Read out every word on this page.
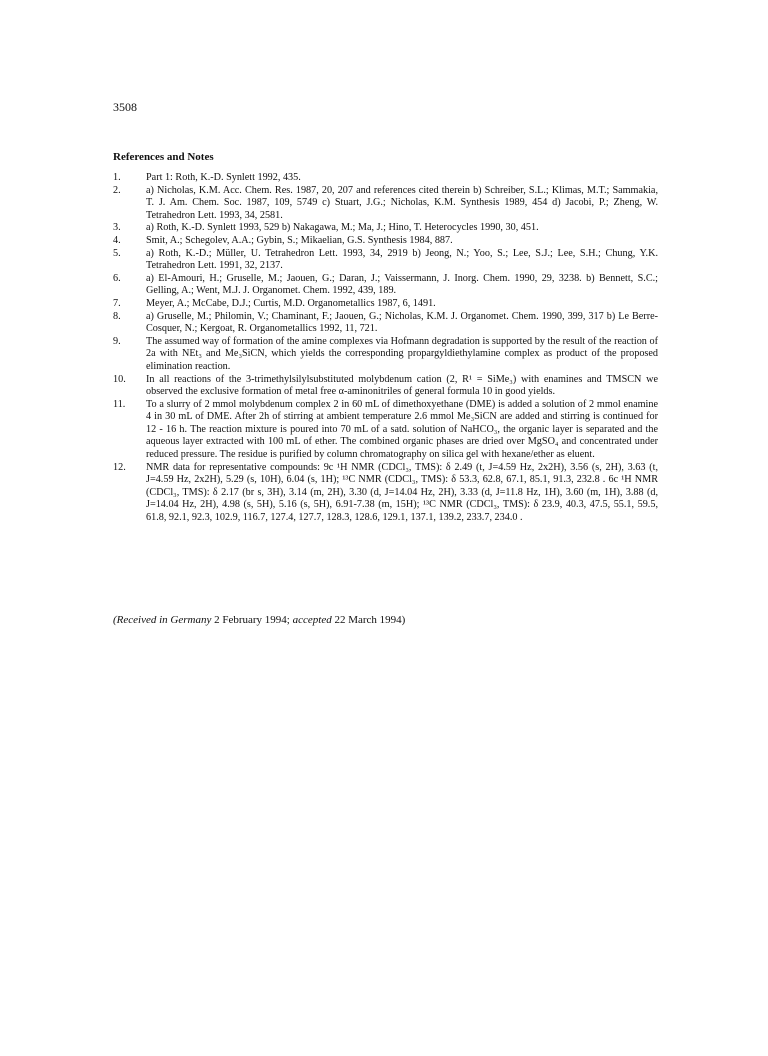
3508
References and Notes
1.	Part 1: Roth, K.-D. Synlett 1992, 435.
2.	a) Nicholas, K.M. Acc. Chem. Res. 1987, 20, 207 and references cited therein b) Schreiber, S.L.; Klimas, M.T.; Sammakia, T. J. Am. Chem. Soc. 1987, 109, 5749 c) Stuart, J.G.; Nicholas, K.M. Synthesis 1989, 454 d) Jacobi, P.; Zheng, W. Tetrahedron Lett. 1993, 34, 2581.
3.	a) Roth, K.-D. Synlett 1993, 529 b) Nakagawa, M.; Ma, J.; Hino, T. Heterocycles 1990, 30, 451.
4.	Smit, A.; Schegolev, A.A.; Gybin, S.; Mikaelian, G.S. Synthesis 1984, 887.
5.	a) Roth, K.-D.; Müller, U. Tetrahedron Lett. 1993, 34, 2919 b) Jeong, N.; Yoo, S.; Lee, S.J.; Lee, S.H.; Chung, Y.K. Tetrahedron Lett. 1991, 32, 2137.
6.	a) El-Amouri, H.; Gruselle, M.; Jaouen, G.; Daran, J.; Vaissermann, J. Inorg. Chem. 1990, 29, 3238. b) Bennett, S.C.; Gelling, A.; Went, M.J. J. Organomet. Chem. 1992, 439, 189.
7.	Meyer, A.; McCabe, D.J.; Curtis, M.D. Organometallics 1987, 6, 1491.
8.	a) Gruselle, M.; Philomin, V.; Chaminant, F.; Jaouen, G.; Nicholas, K.M. J. Organomet. Chem. 1990, 399, 317 b) Le Berre-Cosquer, N.; Kergoat, R. Organometallics 1992, 11, 721.
9.	The assumed way of formation of the amine complexes via Hofmann degradation is supported by the result of the reaction of 2a with NEt₃ and Me₃SiCN, which yields the corresponding propargyldiethylamine complex as product of the proposed elimination reaction.
10.	In all reactions of the 3-trimethylsilylsubstituted molybdenum cation (2, R¹ = SiMe₃) with enamines and TMSCN we observed the exclusive formation of metal free α-aminonitriles of general formula 10 in good yields.
11.	To a slurry of 2 mmol molybdenum complex 2 in 60 mL of dimethoxyethane (DME) is added a solution of 2 mmol enamine 4 in 30 mL of DME. After 2h of stirring at ambient temperature 2.6 mmol Me₃SiCN are added and stirring is continued for 12 - 16 h. The reaction mixture is poured into 70 mL of a satd. solution of NaHCO₃, the organic layer is separated and the aqueous layer extracted with 100 mL of ether. The combined organic phases are dried over MgSO₄ and concentrated under reduced pressure. The residue is purified by column chromatography on silica gel with hexane/ether as eluent.
12.	NMR data for representative compounds: 9c ¹H NMR (CDCl₃, TMS): δ 2.49 (t, J=4.59 Hz, 2x2H), 3.56 (s, 2H), 3.63 (t, J=4.59 Hz, 2x2H), 5.29 (s, 10H), 6.04 (s, 1H); ¹³C NMR (CDCl₃, TMS): δ 53.3, 62.8, 67.1, 85.1, 91.3, 232.8 . 6c ¹H NMR (CDCl₃, TMS): δ 2.17 (br s, 3H), 3.14 (m, 2H), 3.30 (d, J=14.04 Hz, 2H), 3.33 (d, J=11.8 Hz, 1H), 3.60 (m, 1H), 3.88 (d, J=14.04 Hz, 2H), 4.98 (s, 5H), 5.16 (s, 5H), 6.91-7.38 (m, 15H); ¹³C NMR (CDCl₃, TMS): δ 23.9, 40.3, 47.5, 55.1, 59.5, 61.8, 92.1, 92.3, 102.9, 116.7, 127.4, 127.7, 128.3, 128.6, 129.1, 137.1, 139.2, 233.7, 234.0 .
(Received in Germany 2 February 1994; accepted 22 March 1994)
